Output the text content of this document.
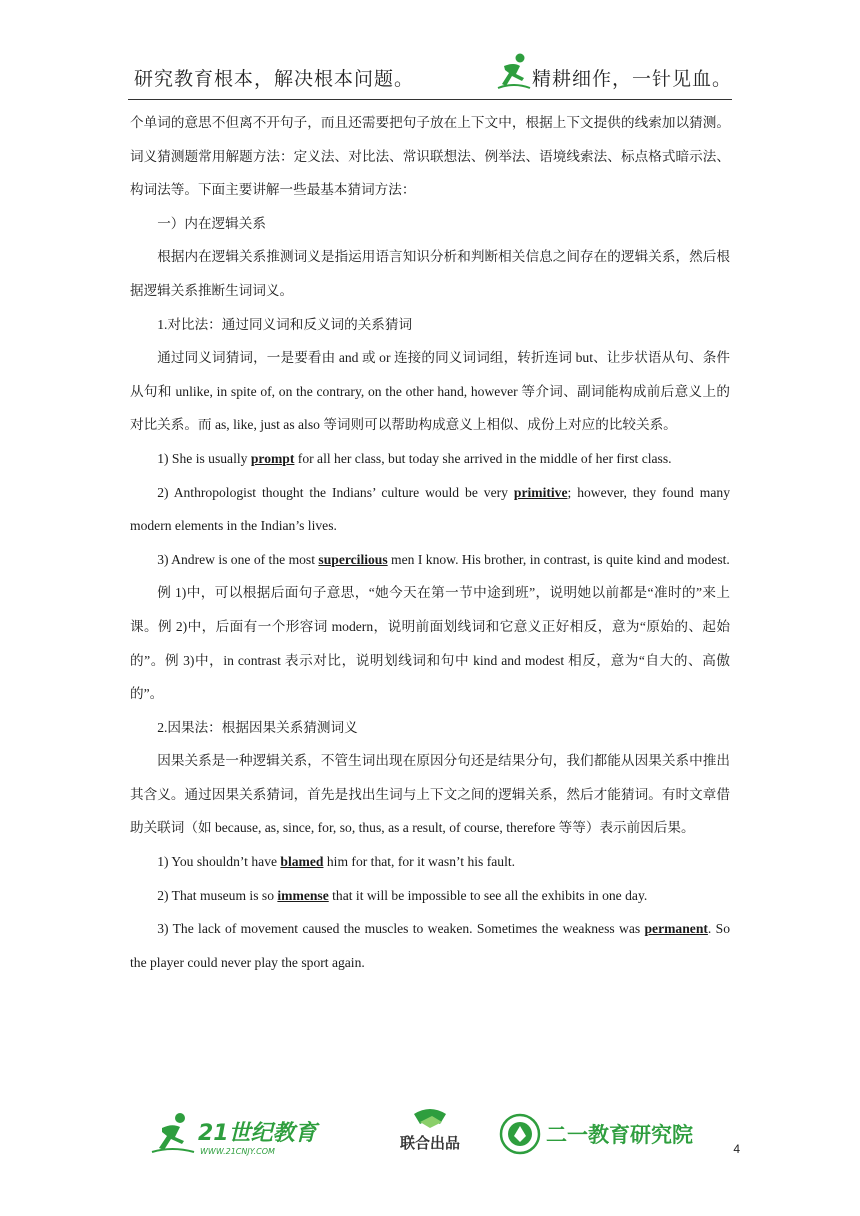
研究教育根本，解决根本问题。	精耕细作，一针见血。

个单词的意思不但离不开句子，而且还需要把句子放在上下文中，根据上下文提供的线索加以猜测。词义猜测题常用解题方法：定义法、对比法、常识联想法、例举法、语境线索法、标点格式暗示法、构词法等。下面主要讲解一些最基本猜词方法：

一）内在逻辑关系

根据内在逻辑关系推测词义是指运用语言知识分析和判断相关信息之间存在的逻辑关系，然后根据逻辑关系推断生词词义。

1.对比法：通过同义词和反义词的关系猜词

通过同义词猜词，一是要看由 and 或 or 连接的同义词词组，转折连词 but、让步状语从句、条件从句和 unlike, in spite of, on the contrary, on the other hand, however 等介词、副词能构成前后意义上的对比关系。而 as, like, just as also 等词则可以帮助构成意义上相似、成份上对应的比较关系。

1) She is usually prompt for all her class, but today she arrived in the middle of her first class.

2) Anthropologist thought the Indians’ culture would be very primitive; however, they found many modern elements in the Indian’s lives.

3) Andrew is one of the most supercilious men I know. His brother, in contrast, is quite kind and modest.

例 1)中，可以根据后面句子意思，“她今天在第一节中途到班”，说明她以前都是“准时的”来上课。例 2)中，后面有一个形容词 modern，说明前面划线词和它意义正好相反，意为“原始的、起始的”。例 3)中，in contrast 表示对比，说明划线词和句中 kind and modest 相反，意为“自大的、高傲的”。

2.因果法：根据因果关系猜测词义

因果关系是一种逻辑关系，不管生词出现在原因分句还是结果分句，我们都能从因果关系中推出其含义。通过因果关系猜词，首先是找出生词与上下文之间的逻辑关系，然后才能猜词。有时文章借助关联词（如 because, as, since, for, so, thus, as a result, of course, therefore 等等）表示前因后果。

1) You shouldn’t have blamed him for that, for it wasn’t his fault.

2) That museum is so immense that it will be impossible to see all the exhibits in one day.

3) The lack of movement caused the muscles to weaken. Sometimes the weakness was permanent. So the player could never play the sport again.

21世纪教育
WWW.21CNJY.COM	联合出品	二一教育研究院
4
